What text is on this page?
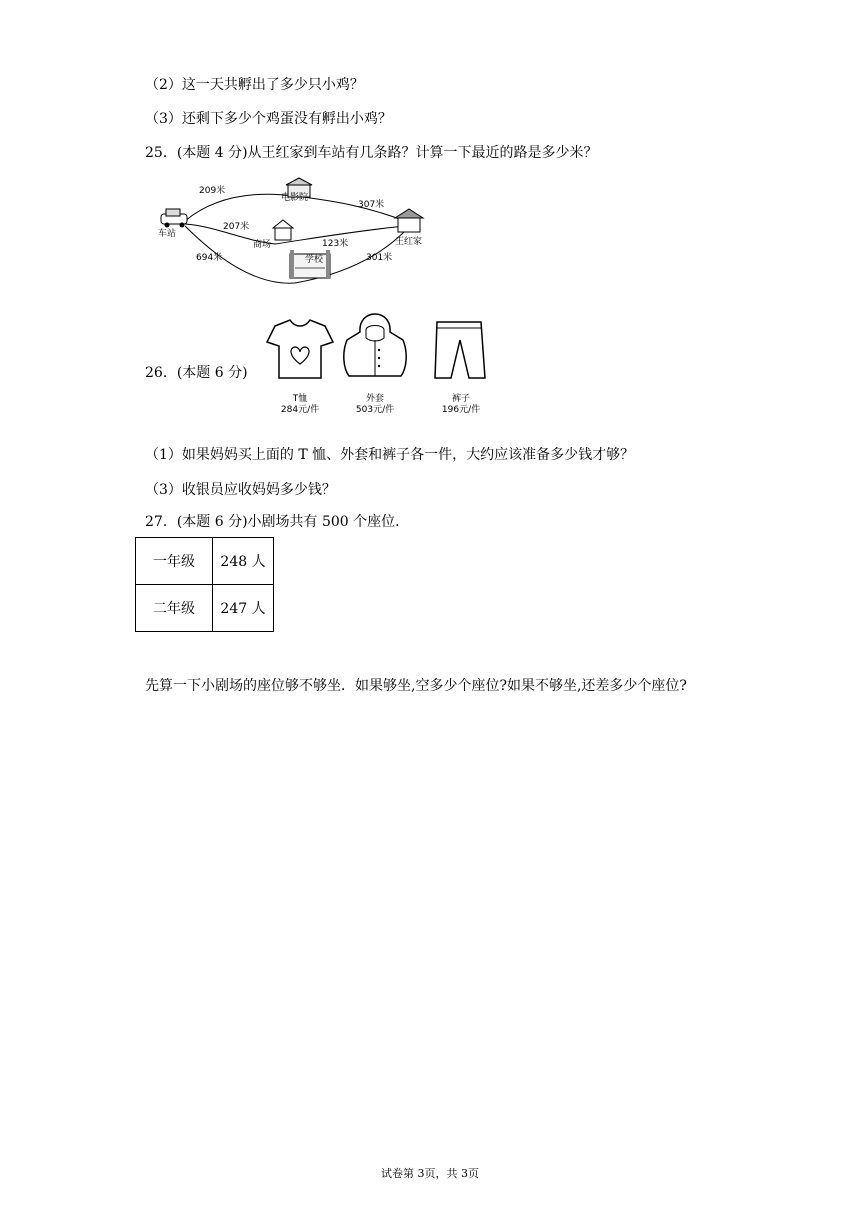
（2）这一天共孵出了多少只小鸡？
（3）还剩下多少个鸡蛋没有孵出小鸡？
25．(本题 4 分)从王红家到车站有几条路？计算一下最近的路是多少米？
车站
电影院
商场
学校
王红家
209米
307米
207米
123米
694米	301米
26．(本题 6 分)
T恤
284元/件
外套
503元/件
裤子
196元/件
（1）如果妈妈买上面的 T 恤、外套和裤子各一件，大约应该准备多少钱才够？
（3）收银员应收妈妈多少钱？
27．(本题 6 分)小剧场共有 500 个座位．
一年级	248 人
二年级	247 人
先算一下小剧场的座位够不够坐．如果够坐,空多少个座位?如果不够坐,还差多少个座位?
试卷第 3页，共 3页
